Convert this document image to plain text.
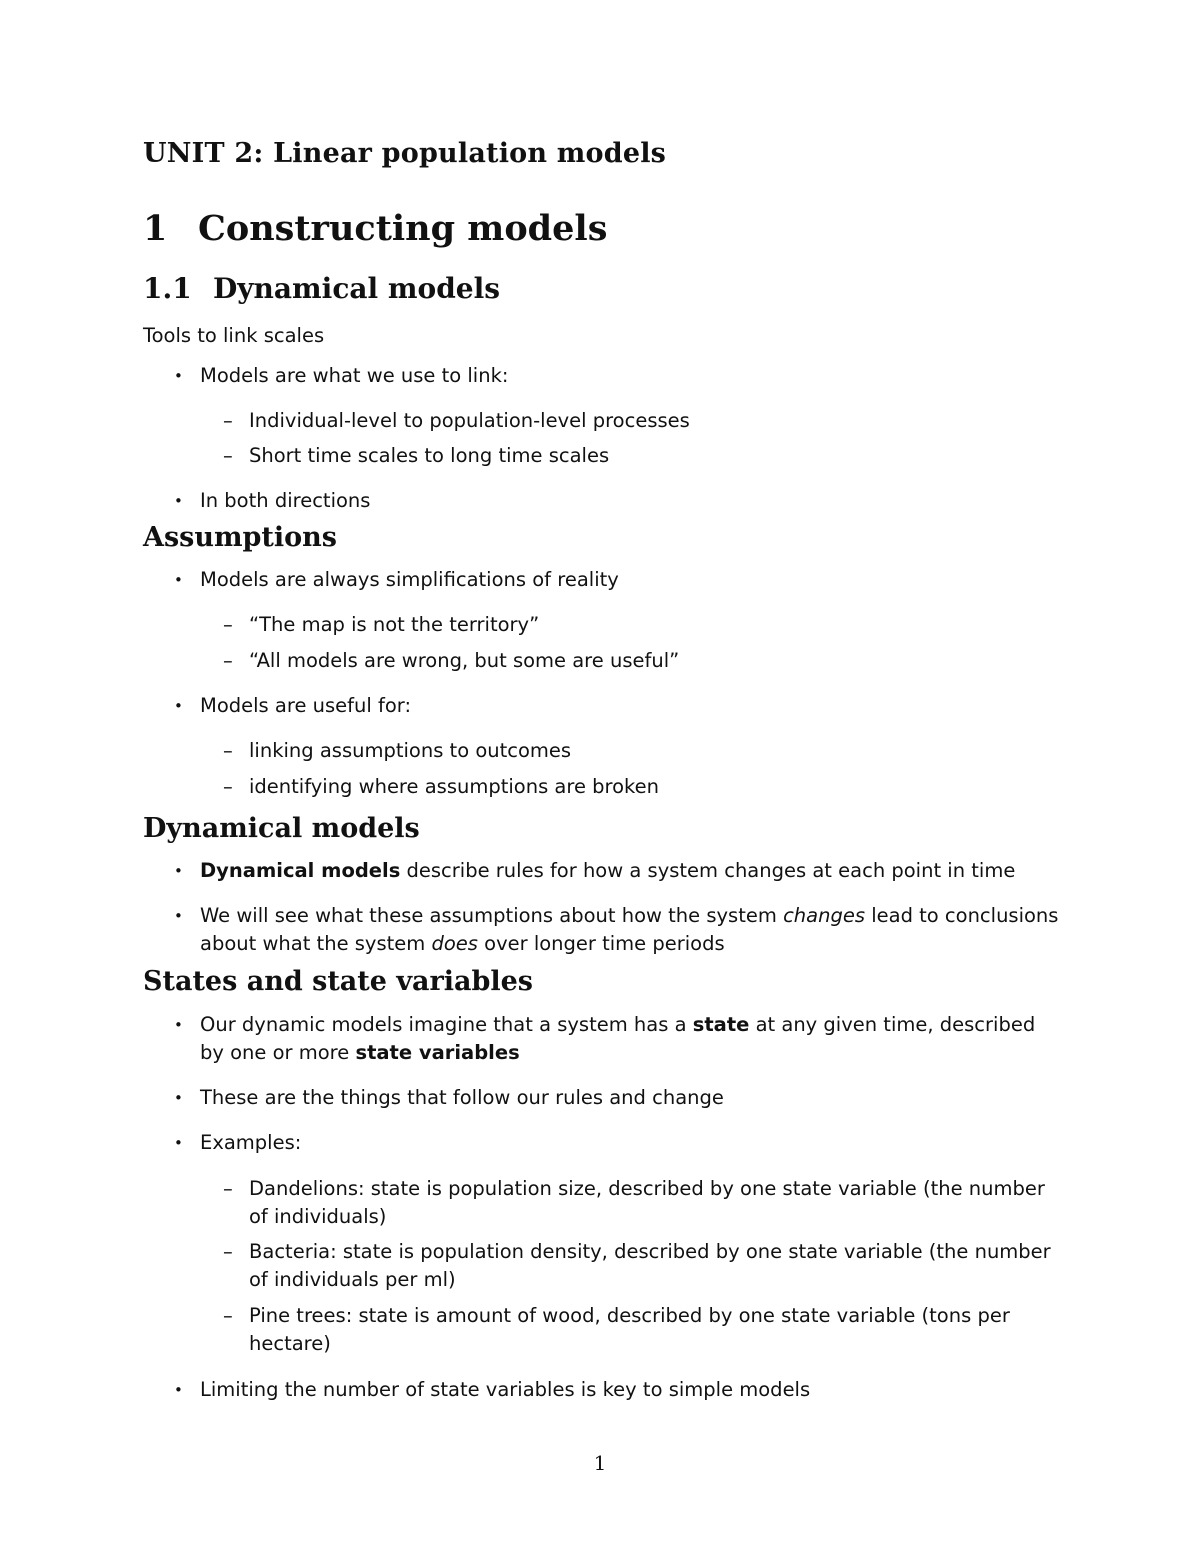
UNIT 2: Linear population models
1 Constructing models
1.1 Dynamical models
Tools to link scales
• Models are what we use to link:
– Individual-level to population-level processes
– Short time scales to long time scales
• In both directions
Assumptions
• Models are always simplifications of reality
– “The map is not the territory”
– “All models are wrong, but some are useful”
• Models are useful for:
– linking assumptions to outcomes
– identifying where assumptions are broken
Dynamical models
• Dynamical models describe rules for how a system changes at each point in time
• We will see what these assumptions about how the system changes lead to conclusions
about what the system does over longer time periods
States and state variables
• Our dynamic models imagine that a system has a state at any given time, described
by one or more state variables
• These are the things that follow our rules and change
• Examples:
– Dandelions: state is population size, described by one state variable (the number
of individuals)
– Bacteria: state is population density, described by one state variable (the number
of individuals per ml)
– Pine trees: state is amount of wood, described by one state variable (tons per
hectare)
• Limiting the number of state variables is key to simple models
1
